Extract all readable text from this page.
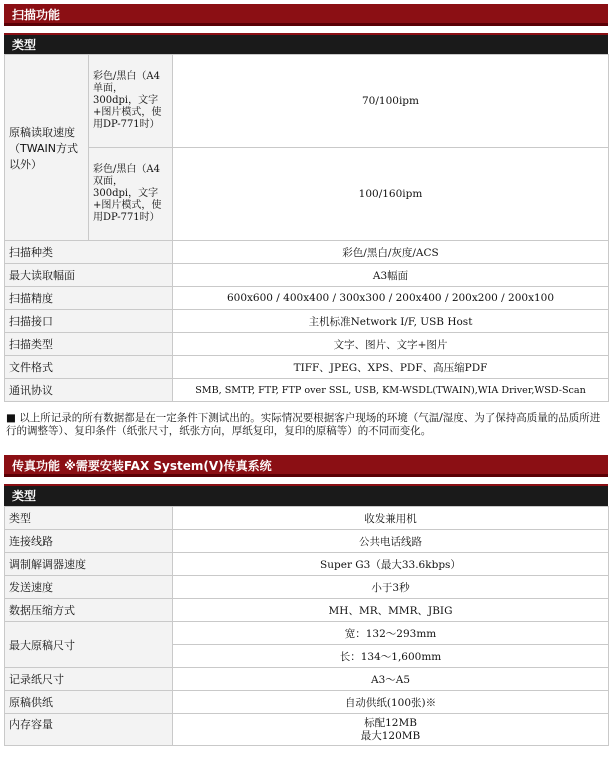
扫描功能
类型
原稿读取速度（TWAIN方式以外）	彩色/黑白（A4单面，300dpi，文字+图片模式，使用DP-771时）	70/100ipm
	彩色/黑白（A4双面，300dpi，文字+图片模式，使用DP-771时）	100/160ipm
扫描种类		彩色/黑白/灰度/ACS
最大读取幅面		A3幅面
扫描精度		600x600 / 400x400 / 300x300 / 200x400 / 200x200 / 200x100
扫描接口		主机标准Network I/F, USB Host
扫描类型		文字、图片、文字+图片
文件格式		TIFF、JPEG、XPS、PDF、高压缩PDF
通讯协议		SMB, SMTP, FTP, FTP over SSL, USB, KM-WSDL(TWAIN),WIA Driver,WSD-Scan
■ 以上所记录的所有数据都是在一定条件下测试出的。实际情况要根据客户现场的环境（气温/湿度、为了保持高质量的品质所进行的调整等）、复印条件（纸张尺寸，纸张方向，厚纸复印，复印的原稿等）的不同而变化。
传真功能 ※需要安装FAX System(V)传真系统
类型
类型	收发兼用机
连接线路	公共电话线路
调制解调器速度	Super G3（最大33.6kbps）
发送速度	小于3秒
数据压缩方式	MH、MR、MMR、JBIG
最大原稿尺寸	宽：132～293mm
	长：134～1,600mm
记录纸尺寸	A3～A5
原稿供纸	自动供纸(100张)※
内存容量	标配12MB
最大120MB
